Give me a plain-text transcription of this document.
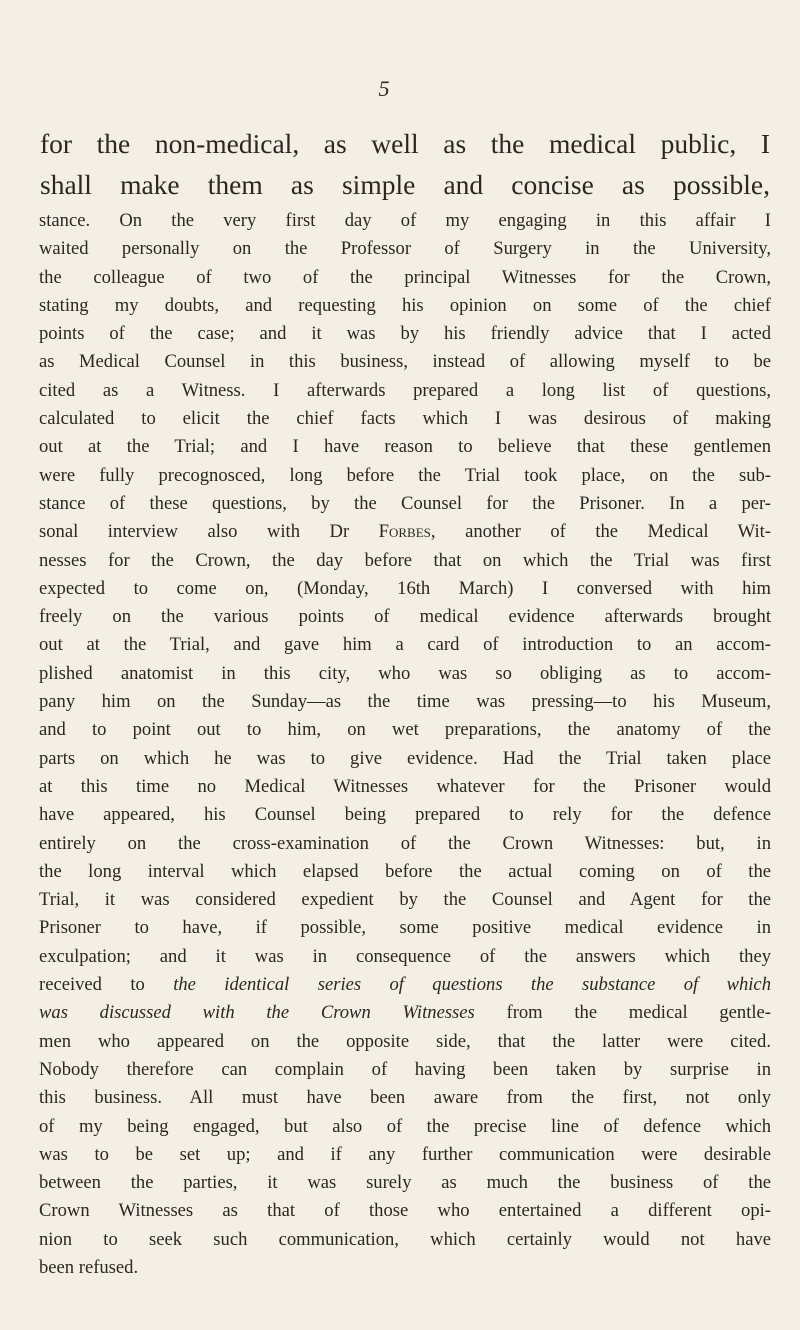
5
for the non-medical, as well as the medical public, I
shall make them as simple and concise as possible,
stance. On the very first day of my engaging in this affair I
waited personally on the Professor of Surgery in the University,
the colleague of two of the principal Witnesses for the Crown,
stating my doubts, and requesting his opinion on some of the chief
points of the case; and it was by his friendly advice that I acted
as Medical Counsel in this business, instead of allowing myself to be
cited as a Witness. I afterwards prepared a long list of questions,
calculated to elicit the chief facts which I was desirous of making
out at the Trial; and I have reason to believe that these gentlemen
were fully precognosced, long before the Trial took place, on the sub-
stance of these questions, by the Counsel for the Prisoner. In a per-
sonal interview also with Dr Forbes, another of the Medical Wit-
nesses for the Crown, the day before that on which the Trial was first
expected to come on, (Monday, 16th March) I conversed with him
freely on the various points of medical evidence afterwards brought
out at the Trial, and gave him a card of introduction to an accom-
plished anatomist in this city, who was so obliging as to accom-
pany him on the Sunday—as the time was pressing—to his Museum,
and to point out to him, on wet preparations, the anatomy of the
parts on which he was to give evidence. Had the Trial taken place
at this time no Medical Witnesses whatever for the Prisoner would
have appeared, his Counsel being prepared to rely for the defence
entirely on the cross-examination of the Crown Witnesses: but, in
the long interval which elapsed before the actual coming on of the
Trial, it was considered expedient by the Counsel and Agent for the
Prisoner to have, if possible, some positive medical evidence in
exculpation; and it was in consequence of the answers which they
received to the identical series of questions the substance of which
was discussed with the Crown Witnesses from the medical gentle-
men who appeared on the opposite side, that the latter were cited.
Nobody therefore can complain of having been taken by surprise in
this business. All must have been aware from the first, not only
of my being engaged, but also of the precise line of defence which
was to be set up; and if any further communication were desirable
between the parties, it was surely as much the business of the
Crown Witnesses as that of those who entertained a different opi-
nion to seek such communication, which certainly would not have
been refused.
